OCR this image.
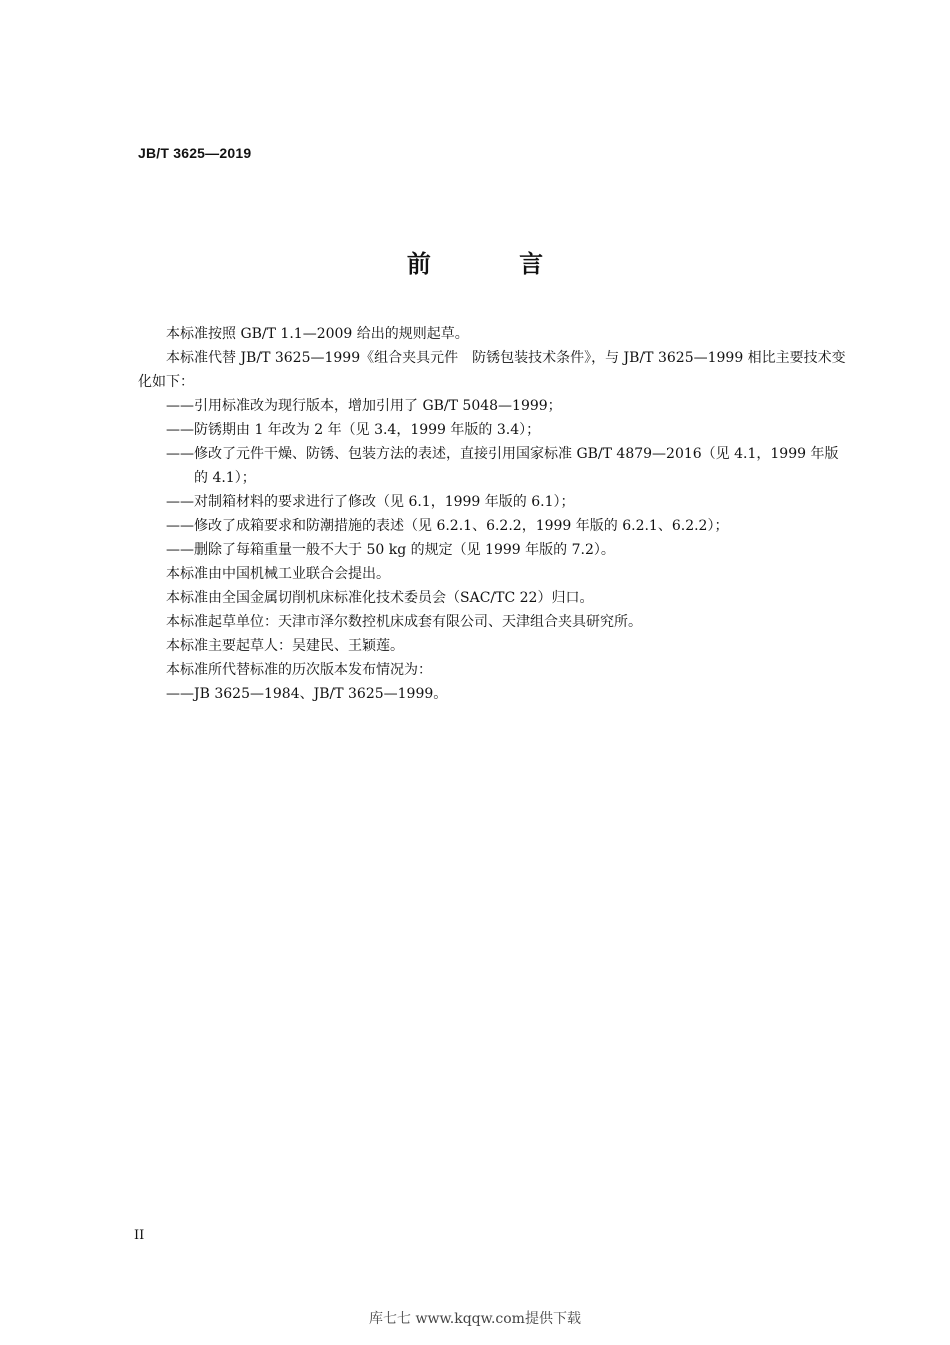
JB/T 3625—2019
前 言

本标准按照 GB/T 1.1—2009 给出的规则起草。

本标准代替 JB/T 3625—1999《组合夹具元件　防锈包装技术条件》，与 JB/T 3625—1999 相比主要技术变化如下：

——引用标准改为现行版本，增加引用了 GB/T 5048—1999；

——防锈期由 1 年改为 2 年（见 3.4，1999 年版的 3.4）；

——修改了元件干燥、防锈、包装方法的表述，直接引用国家标准 GB/T 4879—2016（见 4.1，1999 年版的 4.1）；

——对制箱材料的要求进行了修改（见 6.1，1999 年版的 6.1）；

——修改了成箱要求和防潮措施的表述（见 6.2.1、6.2.2，1999 年版的 6.2.1、6.2.2）；

——删除了每箱重量一般不大于 50 kg 的规定（见 1999 年版的 7.2）。

本标准由中国机械工业联合会提出。

本标准由全国金属切削机床标准化技术委员会（SAC/TC 22）归口。

本标准起草单位：天津市泽尔数控机床成套有限公司、天津组合夹具研究所。

本标准主要起草人：吴建民、王颖莲。

本标准所代替标准的历次版本发布情况为：

——JB 3625—1984、JB/T 3625—1999。

II
库七七 www.kqqw.com提供下载
